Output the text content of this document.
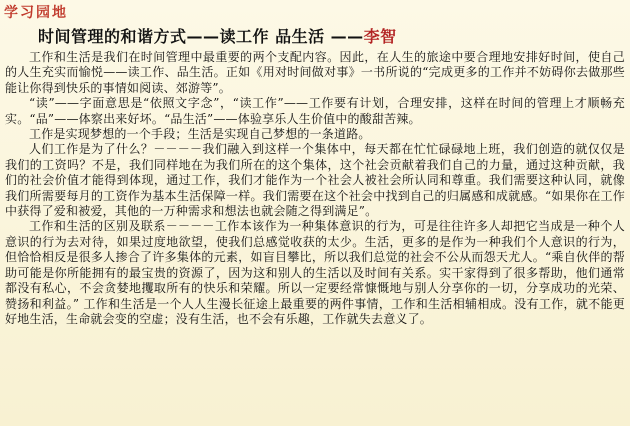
学习园地
时间管理的和谐方式——读工作 品生活 ——李智

工作和生活是我们在时间管理中最重要的两个支配内容。因此，在人生的旅途中要合理地安排好时间，使自己的人生充实而愉悦——读工作、品生活。正如《用对时间做对事》一书所说的“完成更多的工作并不妨碍你去做那些能让你得到快乐的事情如阅读、郊游等”。

“读”——字面意思是“依照文字念”，“读工作”——工作要有计划，合理安排，这样在时间的管理上才顺畅充实。“品”——体察出来好坏。“品生活”——体验享乐人生价值中的酸甜苦辣。

工作是实现梦想的一个手段；生活是实现自己梦想的一条道路。

人们工作是为了什么？－－－－我们融入到这样一个集体中，每天都在忙忙碌碌地上班，我们创造的就仅仅是我们的工资吗？不是，我们同样地在为我们所在的这个集体，这个社会贡献着我们自己的力量，通过这种贡献，我们的社会价值才能得到体现，通过工作，我们才能作为一个社会人被社会所认同和尊重。我们需要这种认同，就像我们所需要每月的工资作为基本生活保障一样。我们需要在这个社会中找到自己的归属感和成就感。“如果你在工作中获得了爱和被爱，其他的一万种需求和想法也就会随之得到满足”。

工作和生活的区别及联系－－－－工作本该作为一种集体意识的行为，可是往往许多人却把它当成是一种个人意识的行为去对待，如果过度地欲望，使我们总感觉收获的太少。生活，更多的是作为一种我们个人意识的行为，但恰恰相反是很多人掺合了许多集体的元素，如盲目攀比，所以我们总觉的社会不公从而怨天尤人。“乘自伙伴的帮助可能是你所能拥有的最宝贵的资源了，因为这和别人的生活以及时间有关系。实干家得到了很多帮助，他们通常都没有私心，不会贪婪地攫取所有的快乐和荣耀。所以一定要经常慷慨地与别人分享你的一切，分享成功的光荣、赞扬和利益。” 工作和生活是一个人人生漫长征途上最重要的两件事情，工作和生活相辅相成。没有工作，就不能更好地生活，生命就会变的空虚；没有生活，也不会有乐趣，工作就失去意义了。
